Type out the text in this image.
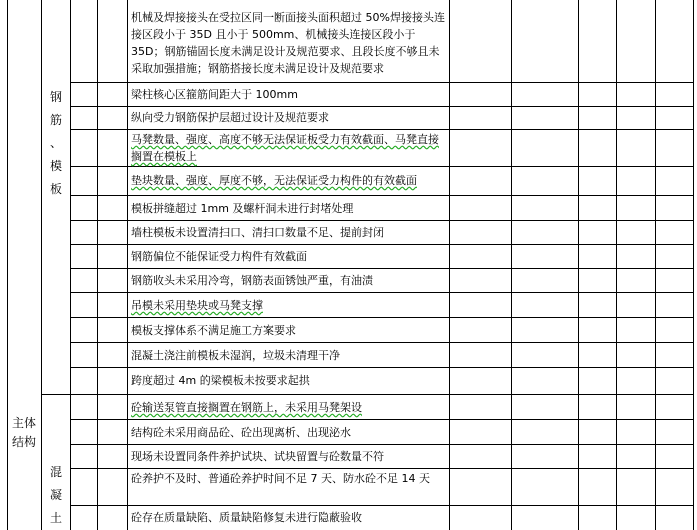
主体结构
钢
筋
、
模
板
混
凝
土
机械及焊接接头在受拉区同一断面接头面积超过 50%焊接接头连接区段小于 35D 且小于 500mm、机械接头连接区段小于 35D；钢筋锚固长度未满足设计及规范要求、且段长度不够且未采取加强措施；钢筋搭接长度未满足设计及规范要求
梁柱核心区箍筋间距大于 100mm
纵向受力钢筋保护层超过设计及规范要求
马凳数量、强度、高度不够无法保证板受力有效截面、马凳直接搁置在模板上
垫块数量、强度、厚度不够，无法保证受力构件的有效截面
模板拼缝超过 1mm 及螺杆洞未进行封堵处理
墙柱模板未设置清扫口、清扫口数量不足、提前封闭
钢筋偏位不能保证受力构件有效截面
钢筋收头未采用冷弯，钢筋表面锈蚀严重，有油渍
吊模未采用垫块或马凳支撑
模板支撑体系不满足施工方案要求
混凝土浇注前模板未湿润，垃圾未清理干净
跨度超过 4m 的梁模板未按要求起拱
砼输送泵管直接搁置在钢筋上，未采用马凳架设
结构砼未采用商品砼、砼出现离析、出现泌水
现场未设置同条件养护试块、试块留置与砼数量不符
砼养护不及时、普通砼养护时间不足 7 天、防水砼不足 14 天
砼存在质量缺陷、质量缺陷修复未进行隐蔽验收
